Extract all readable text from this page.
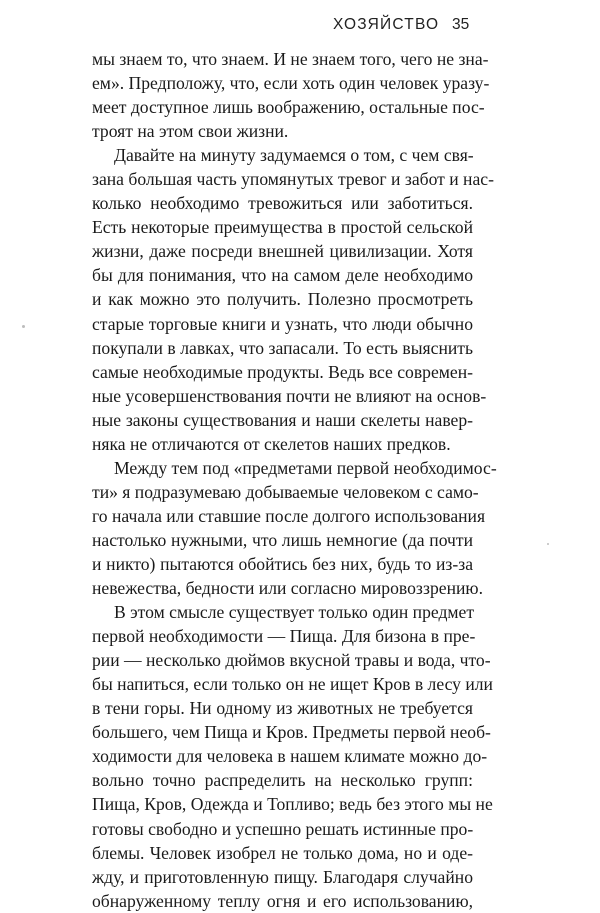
ХОЗЯЙСТВО 35
мы знаем то, что знаем. И не знаем того, чего не зна-
ем». Предположу, что, если хоть один человек уразу-
меет доступное лишь воображению, остальные пос-
троят на этом свои жизни.
Давайте на минуту задумаемся о том, с чем свя-
зана большая часть упомянутых тревог и забот и нас-
колько необходимо тревожиться или заботиться.
Есть некоторые преимущества в простой сельской
жизни, даже посреди внешней цивилизации. Хотя
бы для понимания, что на самом деле необходимо
и как можно это получить. Полезно просмотреть
старые торговые книги и узнать, что люди обычно
покупали в лавках, что запасали. То есть выяснить
самые необходимые продукты. Ведь все современ-
ные усовершенствования почти не влияют на основ-
ные законы существования и наши скелеты навер-
няка не отличаются от скелетов наших предков.
Между тем под «предметами первой необходимос-
ти» я подразумеваю добываемые человеком с само-
го начала или ставшие после долгого использования
настолько нужными, что лишь немногие (да почти
и никто) пытаются обойтись без них, будь то из-за
невежества, бедности или согласно мировоззрению.
В этом смысле существует только один предмет
первой необходимости — Пища. Для бизона в пре-
рии — несколько дюймов вкусной травы и вода, что-
бы напиться, если только он не ищет Кров в лесу или
в тени горы. Ни одному из животных не требуется
большего, чем Пища и Кров. Предметы первой необ-
ходимости для человека в нашем климате можно до-
вольно точно распределить на несколько групп:
Пища, Кров, Одежда и Топливо; ведь без этого мы не
готовы свободно и успешно решать истинные про-
блемы. Человек изобрел не только дома, но и оде-
жду, и приготовленную пищу. Благодаря случайно
обнаруженному теплу огня и его использованию,
